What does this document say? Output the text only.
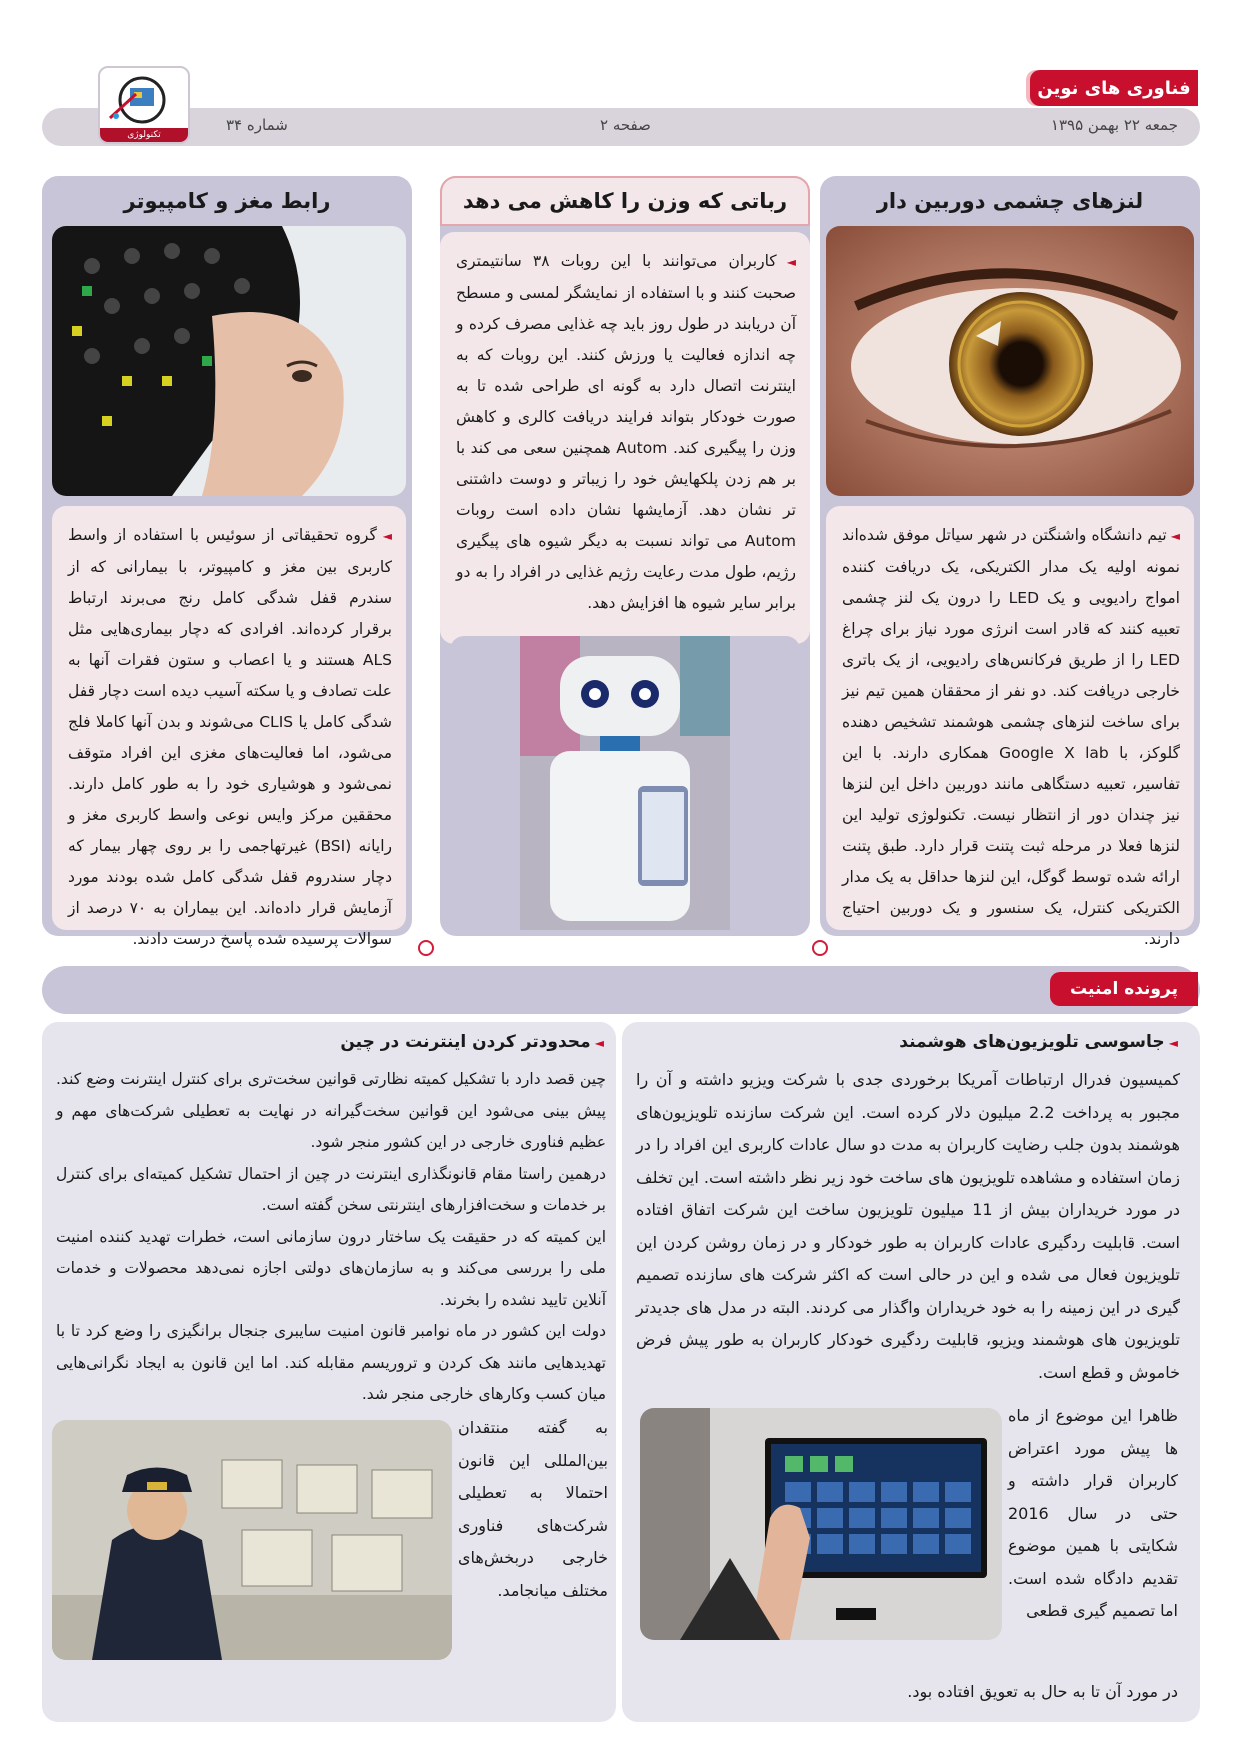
فناوری های نوین
جمعه ۲۲ بهمن ۱۳۹۵
صفحه ۲
شماره ۳۴
تکنولوژی
لنزهای چشمی دوربین دار
◄ تیم دانشگاه واشنگتن در شهر سیاتل موفق شده‌اند نمونه اولیه یک مدار الکتریکی، یک دریافت کننده امواج رادیویی و یک LED را درون یک لنز چشمی تعبیه کنند که قادر است انرژی مورد نیاز برای چراغ LED را از طریق فرکانس‌های رادیویی، از یک باتری خارجی دریافت کند. دو نفر از محققان همین تیم نیز برای ساخت لنزهای چشمی هوشمند تشخیص دهنده گلوکز، با Google X lab همکاری دارند. با این تفاسیر، تعبیه دستگاهی مانند دوربین داخل این لنزها نیز چندان دور از انتظار نیست. تکنولوژی تولید این لنزها فعلا در مرحله ثبت پتنت قرار دارد. طبق پتنت ارائه شده توسط گوگل، این لنزها حداقل به یک مدار الکتریکی کنترل، یک سنسور و یک دوربین احتیاج دارند.
رباتی که وزن را کاهش می دهد
◄ کاربران می‌توانند با این روبات ۳۸ سانتیمتری صحبت کنند و با استفاده از نمایشگر لمسی و مسطح آن دریابند در طول روز باید چه غذایی مصرف کرده و چه اندازه فعالیت یا ورزش کنند. این روبات که به اینترنت اتصال دارد به گونه ای طراحی شده تا به صورت خودکار بتواند فرایند دریافت کالری و کاهش وزن را پیگیری کند. Autom همچنین سعی می کند با بر هم زدن پلکهایش خود را زیباتر و دوست داشتنی تر نشان دهد. آزمایشها نشان داده است روبات Autom می تواند نسبت به دیگر شیوه های پیگیری رژیم، طول مدت رعایت رژیم غذایی در افراد را به دو برابر سایر شیوه ها افزایش دهد.
رابط مغز و کامپیوتر
◄ گروه تحقیقاتی از سوئیس با استفاده از واسط کاربری بین مغز و کامپیوتر، با بیمارانی که از سندرم قفل شدگی کامل رنج می‌برند ارتباط برقرار کرده‌اند. افرادی که دچار بیماری‌هایی مثل ALS هستند و یا اعصاب و ستون فقرات آنها به علت تصادف و یا سکته آسیب دیده است دچار قفل شدگی کامل یا CLIS می‌شوند و بدن آنها کاملا فلج می‌شود، اما فعالیت‌های مغزی این افراد متوقف نمی‌شود و هوشیاری خود را به طور کامل دارند. محققین مرکز وایس نوعی واسط کاربری مغز و رایانه (BSI) غیرتهاجمی را بر روی چهار بیمار که دچار سندروم قفل شدگی کامل شده بودند مورد آزمایش قرار داده‌اند. این بیماران به ۷۰ درصد از سوالات پرسیده شده پاسخ درست دادند.
پرونده امنیت
◄ جاسوسی تلویزیون‌های هوشمند
کمیسیون فدرال ارتباطات آمریکا برخوردی جدی با شرکت ویزیو داشته و آن را مجبور به پرداخت 2.2 میلیون دلار کرده است. این شرکت سازنده تلویزیون‌های هوشمند بدون جلب رضایت کاربران به مدت دو سال عادات کاربری این افراد را در زمان استفاده و مشاهده تلویزیون های ساخت خود زیر نظر داشته است. این تخلف در مورد خریداران بیش از 11 میلیون تلویزیون ساخت این شرکت اتفاق افتاده است. قابلیت ردگیری عادات کاربران به طور خودکار و در زمان روشن کردن این تلویزیون فعال می شده و این در حالی است که اکثر شرکت های سازنده تصمیم گیری در این زمینه را به خود خریداران واگذار می کردند. البته در مدل های جدیدتر تلویزیون های هوشمند ویزیو، قابلیت ردگیری خودکار کاربران به طور پیش فرض خاموش و قطع است.
ظاهرا این موضوع از ماه ها پیش مورد اعتراض کاربران قرار داشته و حتی در سال 2016 شکایتی با همین موضوع تقدیم دادگاه شده است. اما تصمیم گیری قطعی
در مورد آن تا به حال به تعویق افتاده بود.
◄ محدودتر کردن اینترنت در چین

چین قصد دارد با تشکیل کمیته نظارتی قوانین سخت‌تری برای کنترل اینترنت وضع کند. پیش بینی می‌شود این قوانین سخت‌گیرانه در نهایت به تعطیلی شرکت‌های مهم و عظیم فناوری خارجی در این کشور منجر شود.

درهمین راستا مقام قانونگذاری اینترنت در چین از احتمال تشکیل کمیته‌ای برای کنترل بر خدمات و سخت‌افزارهای اینترنتی سخن گفته است.

این کمیته که در حقیقت یک ساختار درون سازمانی است، خطرات تهدید کننده امنیت ملی را بررسی می‌کند و به سازمان‌های دولتی اجازه نمی‌دهد محصولات و خدمات آنلاین تایید نشده را بخرند.

دولت این کشور در ماه نوامبر قانون امنیت سایبری جنجال برانگیزی را وضع کرد تا با تهدیدهایی مانند هک کردن و تروریسم مقابله کند. اما این قانون به ایجاد نگرانی‌هایی میان کسب وکارهای خارجی منجر شد.

به گفته منتقدان بین‌المللی این قانون احتمالا به تعطیلی شرکت‌های فناوری خارجی دربخش‌های مختلف میانجامد.
